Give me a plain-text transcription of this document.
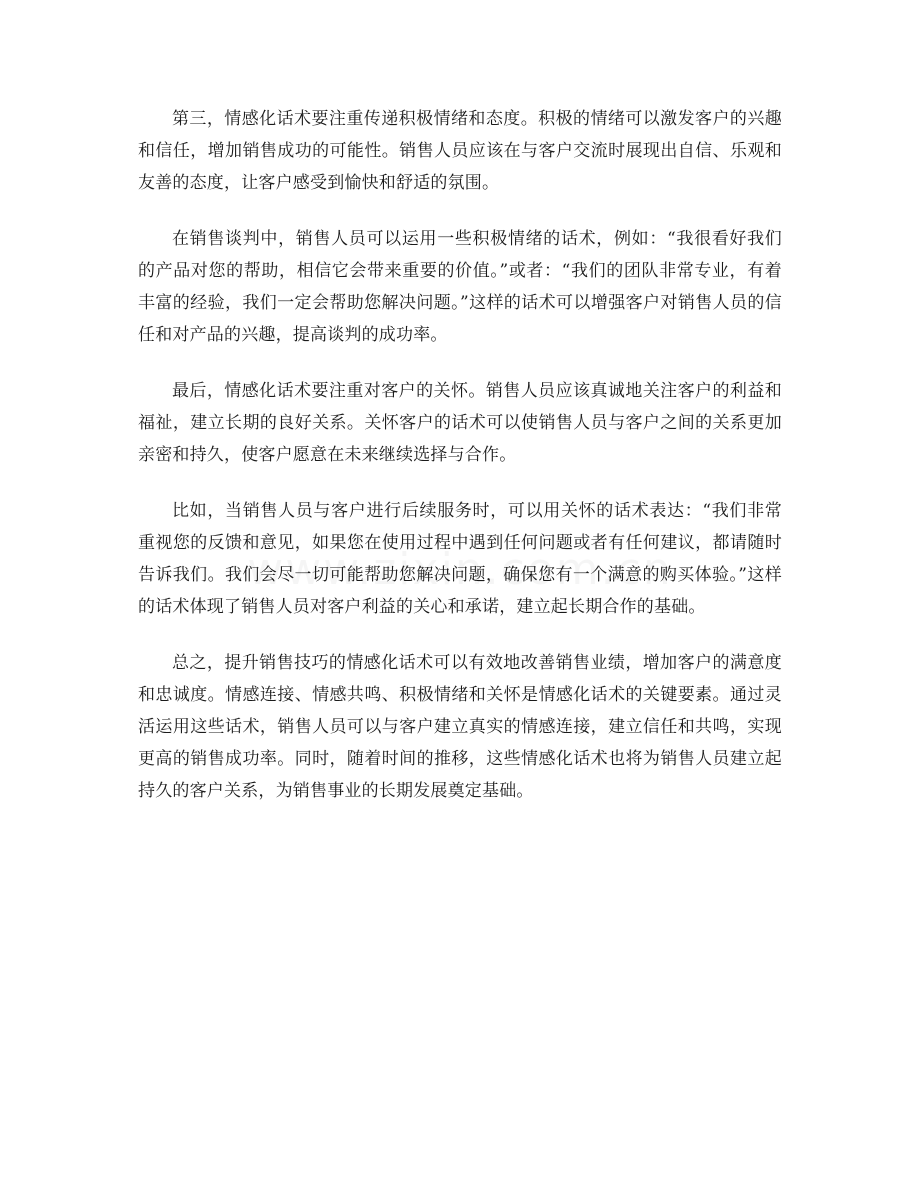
第三，情感化话术要注重传递积极情绪和态度。积极的情绪可以激发客户的兴趣和信任，增加销售成功的可能性。销售人员应该在与客户交流时展现出自信、乐观和友善的态度，让客户感受到愉快和舒适的氛围。

在销售谈判中，销售人员可以运用一些积极情绪的话术，例如：“我很看好我们的产品对您的帮助，相信它会带来重要的价值。”或者：“我们的团队非常专业，有着丰富的经验，我们一定会帮助您解决问题。”这样的话术可以增强客户对销售人员的信任和对产品的兴趣，提高谈判的成功率。

最后，情感化话术要注重对客户的关怀。销售人员应该真诚地关注客户的利益和福祉，建立长期的良好关系。关怀客户的话术可以使销售人员与客户之间的关系更加亲密和持久，使客户愿意在未来继续选择与合作。

比如，当销售人员与客户进行后续服务时，可以用关怀的话术表达：“我们非常重视您的反馈和意见，如果您在使用过程中遇到任何问题或者有任何建议，都请随时告诉我们。我们会尽一切可能帮助您解决问题，确保您有一个满意的购买体验。”这样的话术体现了销售人员对客户利益的关心和承诺，建立起长期合作的基础。

总之，提升销售技巧的情感化话术可以有效地改善销售业绩，增加客户的满意度和忠诚度。情感连接、情感共鸣、积极情绪和关怀是情感化话术的关键要素。通过灵活运用这些话术，销售人员可以与客户建立真实的情感连接，建立信任和共鸣，实现更高的销售成功率。同时，随着时间的推移，这些情感化话术也将为销售人员建立起持久的客户关系，为销售事业的长期发展奠定基础。
